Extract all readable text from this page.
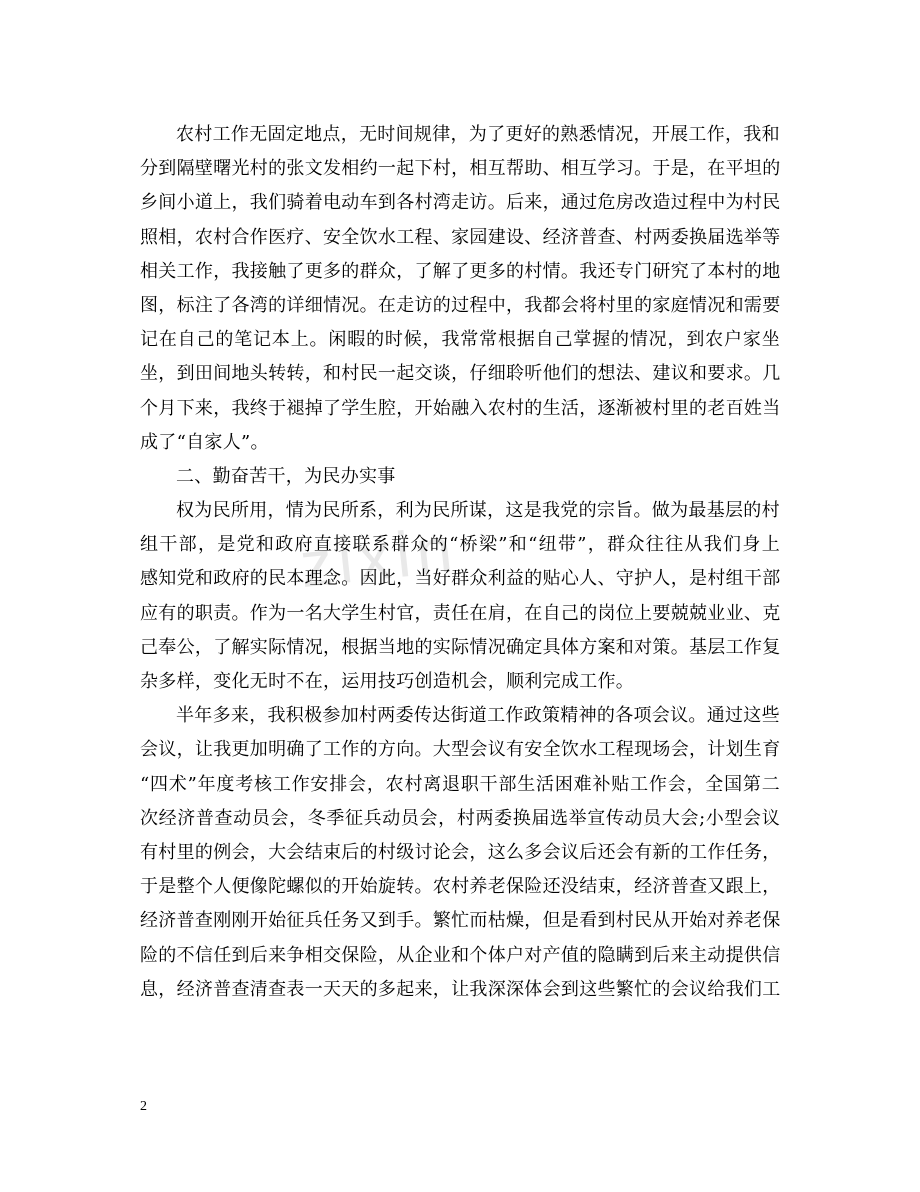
zixin
农村工作无固定地点，无时间规律，为了更好的熟悉情况，开展工作，我和
分到隔壁曙光村的张文发相约一起下村，相互帮助、相互学习。于是，在平坦的
乡间小道上，我们骑着电动车到各村湾走访。后来，通过危房改造过程中为村民
照相，农村合作医疗、安全饮水工程、家园建设、经济普查、村两委换届选举等
相关工作，我接触了更多的群众，了解了更多的村情。我还专门研究了本村的地
图，标注了各湾的详细情况。在走访的过程中，我都会将村里的家庭情况和需要
记在自己的笔记本上。闲暇的时候，我常常根据自己掌握的情况，到农户家坐
坐，到田间地头转转，和村民一起交谈，仔细聆听他们的想法、建议和要求。几
个月下来，我终于褪掉了学生腔，开始融入农村的生活，逐渐被村里的老百姓当
成了“自家人”。
二、勤奋苦干，为民办实事
权为民所用，情为民所系，利为民所谋，这是我党的宗旨。做为最基层的村
组干部，是党和政府直接联系群众的“桥梁”和“纽带”，群众往往从我们身上
感知党和政府的民本理念。因此，当好群众利益的贴心人、守护人，是村组干部
应有的职责。作为一名大学生村官，责任在肩，在自己的岗位上要兢兢业业、克
己奉公，了解实际情况，根据当地的实际情况确定具体方案和对策。基层工作复
杂多样，变化无时不在，运用技巧创造机会，顺利完成工作。
半年多来，我积极参加村两委传达街道工作政策精神的各项会议。通过这些
会议，让我更加明确了工作的方向。大型会议有安全饮水工程现场会，计划生育
“四术”年度考核工作安排会，农村离退职干部生活困难补贴工作会，全国第二
次经济普查动员会，冬季征兵动员会，村两委换届选举宣传动员大会;小型会议
有村里的例会，大会结束后的村级讨论会，这么多会议后还会有新的工作任务，
于是整个人便像陀螺似的开始旋转。农村养老保险还没结束，经济普查又跟上，
经济普查刚刚开始征兵任务又到手。繁忙而枯燥，但是看到村民从开始对养老保
险的不信任到后来争相交保险，从企业和个体户对产值的隐瞒到后来主动提供信
息，经济普查清查表一天天的多起来，让我深深体会到这些繁忙的会议给我们工
2
